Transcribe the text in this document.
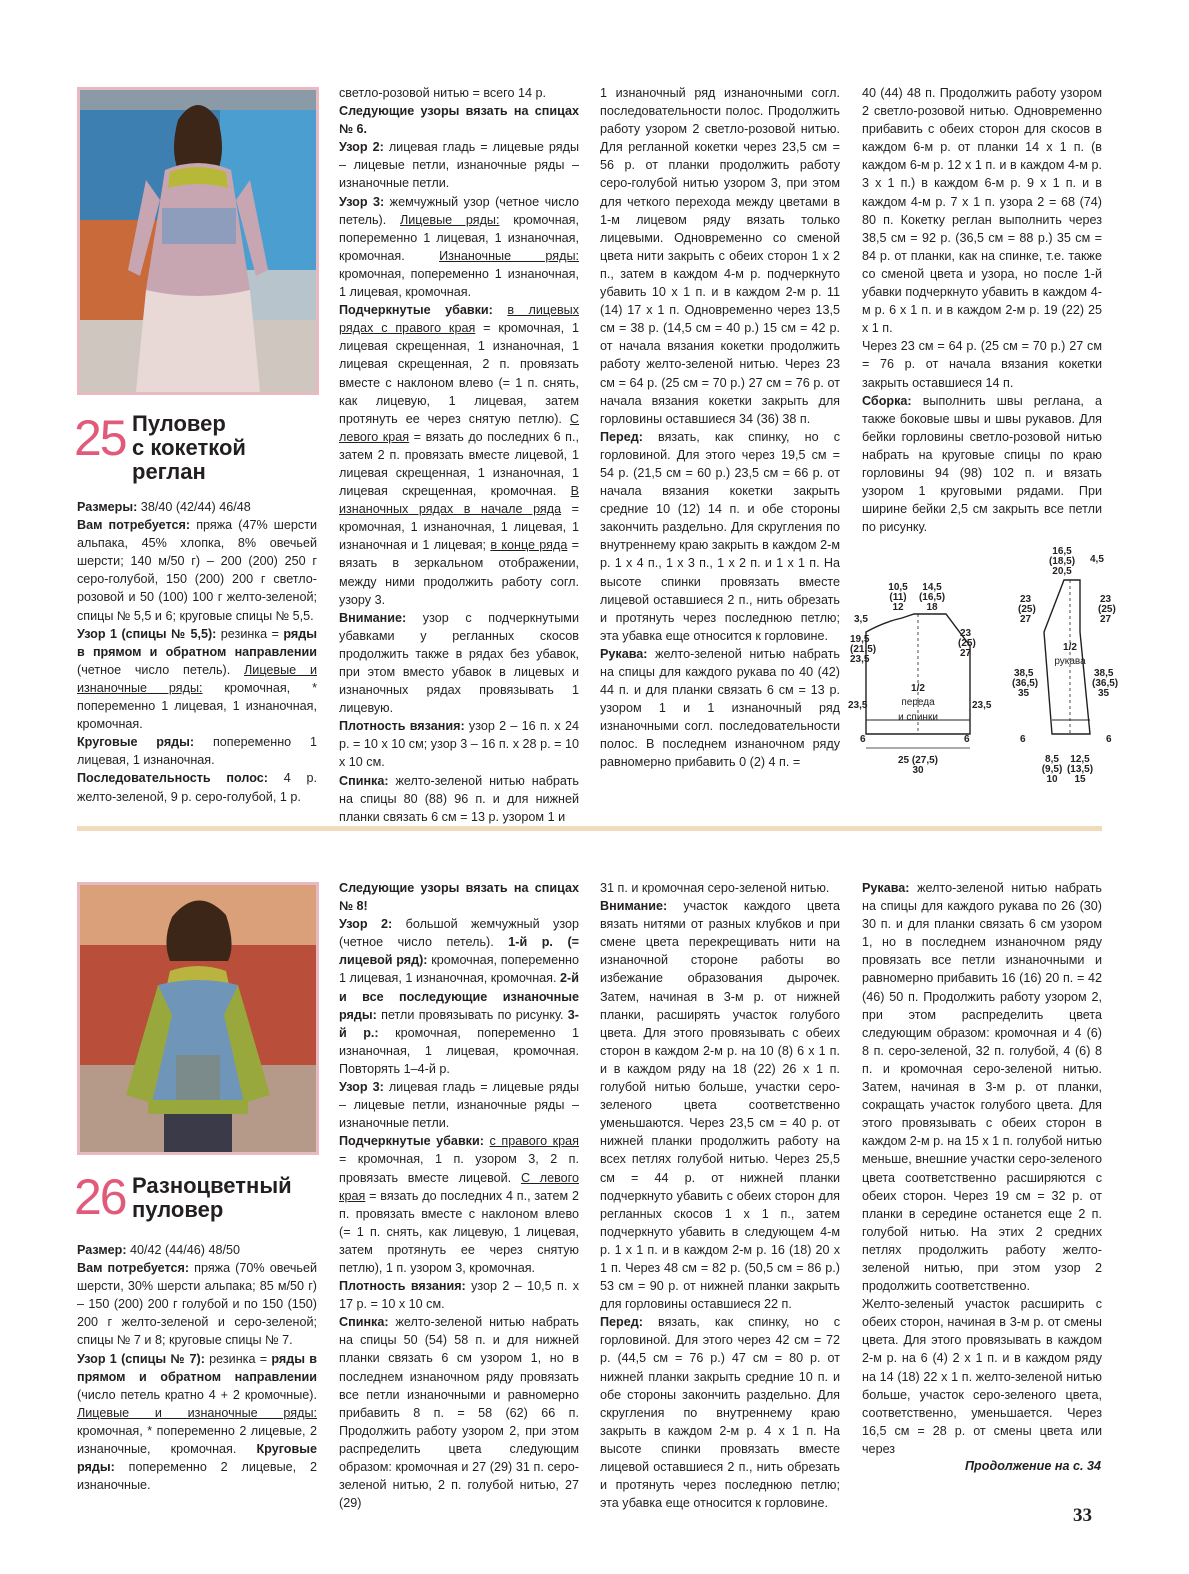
25 Пуловер
с кокеткой
реглан

Размеры: 38/40 (42/44) 46/48

Вам потребуется: пряжа (47% шерсти альпака, 45% хлопка, 8% овечьей шерсти; 140 м/50 г) – 200 (200) 250 г серо-голубой, 150 (200) 200 г светло-розовой и 50 (100) 100 г желто-зеленой; спицы № 5,5 и 6; круговые спицы № 5,5.

Узор 1 (спицы № 5,5): резинка = ряды в прямом и обратном направлении (четное число петель). Лицевые и изнаночные ряды: кромочная, * попеременно 1 лицевая, 1 изнаночная, кромочная.

Круговые ряды: попеременно 1 лицевая, 1 изнаночная.

Последовательность полос: 4 р. желто-зеленой, 9 р. серо-голубой, 1 р.

светло-розовой нитью = всего 14 р.

Следующие узоры вязать на спицах № 6.

Узор 2: лицевая гладь = лицевые ряды – лицевые петли, изнаночные ряды – изнаночные петли.

Узор 3: жемчужный узор (четное число петель). Лицевые ряды: кромочная, попеременно 1 лицевая, 1 изнаночная, кромочная. Изнаночные ряды: кромочная, попеременно 1 изнаночная, 1 лицевая, кромочная.

Подчеркнутые убавки: в лицевых рядах с правого края = кромочная, 1 лицевая скрещенная, 1 изнаночная, 1 лицевая скрещенная, 2 п. провязать вместе с наклоном влево (= 1 п. снять, как лицевую, 1 лицевая, затем протянуть ее через снятую петлю). С левого края = вязать до последних 6 п., затем 2 п. провязать вместе лицевой, 1 лицевая скрещенная, 1 изнаночная, 1 лицевая скрещенная, кромочная. В изнаночных рядах в начале ряда = кромочная, 1 изнаночная, 1 лицевая, 1 изнаночная и 1 лицевая; в конце ряда = вязать в зеркальном отображении, между ними продолжить работу согл. узору 3.

Внимание: узор с подчеркнутыми убавками у регланных скосов продолжить также в рядах без убавок, при этом вместо убавок в лицевых и изнаночных рядах провязывать 1 лицевую.

Плотность вязания: узор 2 – 16 п. х 24 р. = 10 х 10 см; узор 3 – 16 п. х 28 р. = 10 х 10 см.

Спинка: желто-зеленой нитью набрать на спицы 80 (88) 96 п. и для нижней планки связать 6 см = 13 р. узором 1 и

1 изнаночный ряд изнаночными согл. последовательности полос. Продолжить работу узором 2 светло-розовой нитью. Для регланной кокетки через 23,5 см = 56 р. от планки продолжить работу серо-голубой нитью узором 3, при этом для четкого перехода между цветами в 1-м лицевом ряду вязать только лицевыми. Одновременно со сменой цвета нити закрыть с обеих сторон 1 х 2 п., затем в каждом 4-м р. подчеркнуто убавить 10 х 1 п. и в каждом 2-м р. 11 (14) 17 х 1 п. Одновременно через 13,5 см = 38 р. (14,5 см = 40 р.) 15 см = 42 р. от начала вязания кокетки продолжить работу желто-зеленой нитью. Через 23 см = 64 р. (25 см = 70 р.) 27 см = 76 р. от начала вязания кокетки закрыть для горловины оставшиеся 34 (36) 38 п.

Перед: вязать, как спинку, но с горловиной. Для этого через 19,5 см = 54 р. (21,5 см = 60 р.) 23,5 см = 66 р. от начала вязания кокетки закрыть средние 10 (12) 14 п. и обе стороны закончить раздельно. Для скругления по внутреннему краю закрыть в каждом 2-м р. 1 х 4 п., 1 х 3 п., 1 х 2 п. и 1 х 1 п. На высоте спинки провязать вместе лицевой оставшиеся 2 п., нить обрезать и протянуть через последнюю петлю; эта убавка еще относится к горловине.

Рукава: желто-зеленой нитью набрать на спицы для каждого рукава по 40 (42) 44 п. и для планки связать 6 см = 13 р. узором 1 и 1 изнаночный ряд изнаночными согл. последовательности полос. В последнем изнаночном ряду равномерно прибавить 0 (2) 4 п. =

40 (44) 48 п. Продолжить работу узором 2 светло-розовой нитью. Одновременно прибавить с обеих сторон для скосов в каждом 6-м р. от планки 14 х 1 п. (в каждом 6-м р. 12 х 1 п. и в каждом 4-м р. 3 х 1 п.) в каждом 6-м р. 9 х 1 п. и в каждом 4-м р. 7 х 1 п. узора 2 = 68 (74) 80 п. Кокетку реглан выполнить через 38,5 см = 92 р. (36,5 см = 88 р.) 35 см = 84 р. от планки, как на спинке, т.е. также со сменой цвета и узора, но после 1-й убавки подчеркнуто убавить в каждом 4-м р. 6 х 1 п. и в каждом 2-м р. 19 (22) 25 х 1 п.

Через 23 см = 64 р. (25 см = 70 р.) 27 см = 76 р. от начала вязания кокетки закрыть оставшиеся 14 п.

Сборка: выполнить швы реглана, а также боковые швы и швы рукавов. Для бейки горловины светло-розовой нитью набрать на круговые спицы по краю горловины 94 (98) 102 п. и вязать узором 1 круговыми рядами. При ширине бейки 2,5 см закрыть все петли по рисунку.

1/2
переда
и спинки
10,5
(11)
12
14,5
(16,5)
18
3,5
19,5
(21,5)
23,5
23
(25)
27
23,5	23,5
6	6
25 (27,5)
30
1/2
рукава
16,5
(18,5)
20,5
4,5
23
(25)
27
23
(25)
27
38,5
(36,5)
35
38,5
(36,5)
35
6	6
8,5
(9,5)
10
12,5
(13,5)
15
26 Разноцветный
пуловер

Размер: 40/42 (44/46) 48/50

Вам потребуется: пряжа (70% овечьей шерсти, 30% шерсти альпака; 85 м/50 г) – 150 (200) 200 г голубой и по 150 (150) 200 г желто-зеленой и серо-зеленой; спицы № 7 и 8; круговые спицы № 7.

Узор 1 (спицы № 7): резинка = ряды в прямом и обратном направлении (число петель кратно 4 + 2 кромочные). Лицевые и изнаночные ряды: кромочная, * попеременно 2 лицевые, 2 изнаночные, кромочная. Круговые ряды: попеременно 2 лицевые, 2 изнаночные.

Следующие узоры вязать на спицах № 8!

Узор 2: большой жемчужный узор (четное число петель). 1-й р. (= лицевой ряд): кромочная, попеременно 1 лицевая, 1 изнаночная, кромочная. 2-й и все последующие изнаночные ряды: петли провязывать по рисунку. 3-й р.: кромочная, попеременно 1 изнаночная, 1 лицевая, кромочная. Повторять 1–4-й р.

Узор 3: лицевая гладь = лицевые ряды – лицевые петли, изнаночные ряды – изнаночные петли.

Подчеркнутые убавки: с правого края = кромочная, 1 п. узором 3, 2 п. провязать вместе лицевой. С левого края = вязать до последних 4 п., затем 2 п. провязать вместе с наклоном влево (= 1 п. снять, как лицевую, 1 лицевая, затем протянуть ее через снятую петлю), 1 п. узором 3, кромочная.

Плотность вязания: узор 2 – 10,5 п. х 17 р. = 10 х 10 см.

Спинка: желто-зеленой нитью набрать на спицы 50 (54) 58 п. и для нижней планки связать 6 см узором 1, но в последнем изнаночном ряду провязать все петли изнаночными и равномерно прибавить 8 п. = 58 (62) 66 п. Продолжить работу узором 2, при этом распределить цвета следующим образом: кромочная и 27 (29) 31 п. серо-зеленой нитью, 2 п. голубой нитью, 27 (29)

31 п. и кромочная серо-зеленой нитью.

Внимание: участок каждого цвета вязать нитями от разных клубков и при смене цвета перекрещивать нити на изнаночной стороне работы во избежание образования дырочек. Затем, начиная в 3-м р. от нижней планки, расширять участок голубого цвета. Для этого провязывать с обеих сторон в каждом 2-м р. на 10 (8) 6 х 1 п. и в каждом ряду на 18 (22) 26 х 1 п. голубой нитью больше, участки серо-зеленого цвета соответственно уменьшаются. Через 23,5 см = 40 р. от нижней планки продолжить работу на всех петлях голубой нитью. Через 25,5 см = 44 р. от нижней планки подчеркнуто убавить с обеих сторон для регланных скосов 1 х 1 п., затем подчеркнуто убавить в следующем 4-м р. 1 х 1 п. и в каждом 2-м р. 16 (18) 20 х 1 п. Через 48 см = 82 р. (50,5 см = 86 р.) 53 см = 90 р. от нижней планки закрыть для горловины оставшиеся 22 п.

Перед: вязать, как спинку, но с горловиной. Для этого через 42 см = 72 р. (44,5 см = 76 р.) 47 см = 80 р. от нижней планки закрыть средние 10 п. и обе стороны закончить раздельно. Для скругления по внутреннему краю закрыть в каждом 2-м р. 4 х 1 п. На высоте спинки провязать вместе лицевой оставшиеся 2 п., нить обрезать и протянуть через последнюю петлю; эта убавка еще относится к горловине.

Рукава: желто-зеленой нитью набрать на спицы для каждого рукава по 26 (30) 30 п. и для планки связать 6 см узором 1, но в последнем изнаночном ряду провязать все петли изнаночными и равномерно прибавить 16 (16) 20 п. = 42 (46) 50 п. Продолжить работу узором 2, при этом распределить цвета следующим образом: кромочная и 4 (6) 8 п. серо-зеленой, 32 п. голубой, 4 (6) 8 п. и кромочная серо-зеленой нитью. Затем, начиная в 3-м р. от планки, сокращать участок голубого цвета. Для этого провязывать с обеих сторон в каждом 2-м р. на 15 х 1 п. голубой нитью меньше, внешние участки серо-зеленого цвета соответственно расширяются с обеих сторон. Через 19 см = 32 р. от планки в середине останется еще 2 п. голубой нитью. На этих 2 средних петлях продолжить работу желто-зеленой нитью, при этом узор 2 продолжить соответственно.

Желто-зеленый участок расширить с обеих сторон, начиная в 3-м р. от смены цвета. Для этого провязывать в каждом 2-м р. на 6 (4) 2 х 1 п. и в каждом ряду на 14 (18) 22 х 1 п. желто-зеленой нитью больше, участок серо-зеленого цвета, соответственно, уменьшается. Через 16,5 см = 28 р. от смены цвета или через

Продолжение на с. 34
33
